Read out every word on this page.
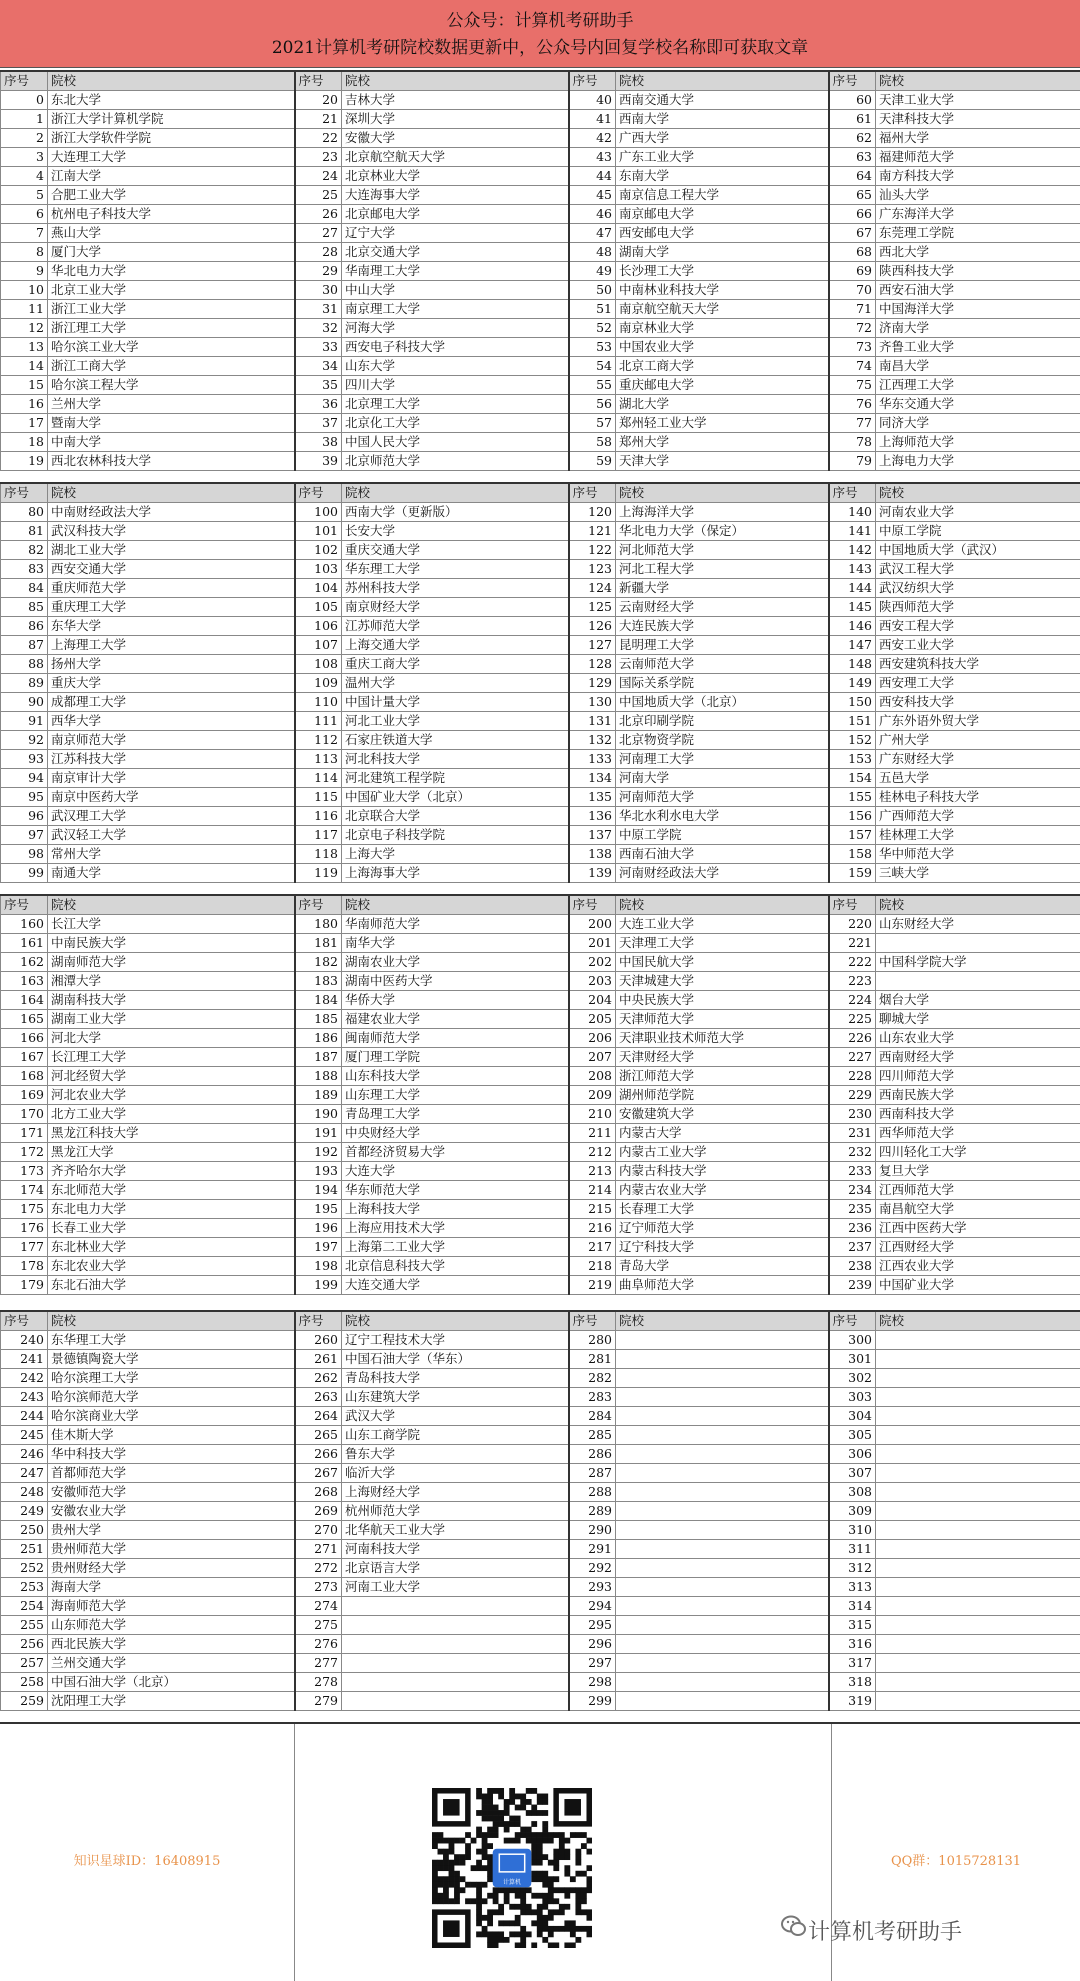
公众号：计算机考研助手
2021计算机考研院校数据更新中，公众号内回复学校名称即可获取文章
序号	院校	序号	院校	序号	院校	序号	院校
0	东北大学	20	吉林大学	40	西南交通大学	60	天津工业大学
1	浙江大学计算机学院	21	深圳大学	41	西南大学	61	天津科技大学
2	浙江大学软件学院	22	安徽大学	42	广西大学	62	福州大学
3	大连理工大学	23	北京航空航天大学	43	广东工业大学	63	福建师范大学
4	江南大学	24	北京林业大学	44	东南大学	64	南方科技大学
5	合肥工业大学	25	大连海事大学	45	南京信息工程大学	65	汕头大学
6	杭州电子科技大学	26	北京邮电大学	46	南京邮电大学	66	广东海洋大学
7	燕山大学	27	辽宁大学	47	西安邮电大学	67	东莞理工学院
8	厦门大学	28	北京交通大学	48	湖南大学	68	西北大学
9	华北电力大学	29	华南理工大学	49	长沙理工大学	69	陕西科技大学
10	北京工业大学	30	中山大学	50	中南林业科技大学	70	西安石油大学
11	浙江工业大学	31	南京理工大学	51	南京航空航天大学	71	中国海洋大学
12	浙江理工大学	32	河海大学	52	南京林业大学	72	济南大学
13	哈尔滨工业大学	33	西安电子科技大学	53	中国农业大学	73	齐鲁工业大学
14	浙江工商大学	34	山东大学	54	北京工商大学	74	南昌大学
15	哈尔滨工程大学	35	四川大学	55	重庆邮电大学	75	江西理工大学
16	兰州大学	36	北京理工大学	56	湖北大学	76	华东交通大学
17	暨南大学	37	北京化工大学	57	郑州轻工业大学	77	同济大学
18	中南大学	38	中国人民大学	58	郑州大学	78	上海师范大学
19	西北农林科技大学	39	北京师范大学	59	天津大学	79	上海电力大学
序号	院校	序号	院校	序号	院校	序号	院校
80	中南财经政法大学	100	西南大学（更新版）	120	上海海洋大学	140	河南农业大学
81	武汉科技大学	101	长安大学	121	华北电力大学（保定）	141	中原工学院
82	湖北工业大学	102	重庆交通大学	122	河北师范大学	142	中国地质大学（武汉）
83	西安交通大学	103	华东理工大学	123	河北工程大学	143	武汉工程大学
84	重庆师范大学	104	苏州科技大学	124	新疆大学	144	武汉纺织大学
85	重庆理工大学	105	南京财经大学	125	云南财经大学	145	陕西师范大学
86	东华大学	106	江苏师范大学	126	大连民族大学	146	西安工程大学
87	上海理工大学	107	上海交通大学	127	昆明理工大学	147	西安工业大学
88	扬州大学	108	重庆工商大学	128	云南师范大学	148	西安建筑科技大学
89	重庆大学	109	温州大学	129	国际关系学院	149	西安理工大学
90	成都理工大学	110	中国计量大学	130	中国地质大学（北京）	150	西安科技大学
91	西华大学	111	河北工业大学	131	北京印刷学院	151	广东外语外贸大学
92	南京师范大学	112	石家庄铁道大学	132	北京物资学院	152	广州大学
93	江苏科技大学	113	河北科技大学	133	河南理工大学	153	广东财经大学
94	南京审计大学	114	河北建筑工程学院	134	河南大学	154	五邑大学
95	南京中医药大学	115	中国矿业大学（北京）	135	河南师范大学	155	桂林电子科技大学
96	武汉理工大学	116	北京联合大学	136	华北水利水电大学	156	广西师范大学
97	武汉轻工大学	117	北京电子科技学院	137	中原工学院	157	桂林理工大学
98	常州大学	118	上海大学	138	西南石油大学	158	华中师范大学
99	南通大学	119	上海海事大学	139	河南财经政法大学	159	三峡大学
序号	院校	序号	院校	序号	院校	序号	院校
160	长江大学	180	华南师范大学	200	大连工业大学	220	山东财经大学
161	中南民族大学	181	南华大学	201	天津理工大学	221	
162	湖南师范大学	182	湖南农业大学	202	中国民航大学	222	中国科学院大学
163	湘潭大学	183	湖南中医药大学	203	天津城建大学	223	
164	湖南科技大学	184	华侨大学	204	中央民族大学	224	烟台大学
165	湖南工业大学	185	福建农业大学	205	天津师范大学	225	聊城大学
166	河北大学	186	闽南师范大学	206	天津职业技术师范大学	226	山东农业大学
167	长江理工大学	187	厦门理工学院	207	天津财经大学	227	西南财经大学
168	河北经贸大学	188	山东科技大学	208	浙江师范大学	228	四川师范大学
169	河北农业大学	189	山东理工大学	209	湖州师范学院	229	西南民族大学
170	北方工业大学	190	青岛理工大学	210	安徽建筑大学	230	西南科技大学
171	黑龙江科技大学	191	中央财经大学	211	内蒙古大学	231	西华师范大学
172	黑龙江大学	192	首都经济贸易大学	212	内蒙古工业大学	232	四川轻化工大学
173	齐齐哈尔大学	193	大连大学	213	内蒙古科技大学	233	复旦大学
174	东北师范大学	194	华东师范大学	214	内蒙古农业大学	234	江西师范大学
175	东北电力大学	195	上海科技大学	215	长春理工大学	235	南昌航空大学
176	长春工业大学	196	上海应用技术大学	216	辽宁师范大学	236	江西中医药大学
177	东北林业大学	197	上海第二工业大学	217	辽宁科技大学	237	江西财经大学
178	东北农业大学	198	北京信息科技大学	218	青岛大学	238	江西农业大学
179	东北石油大学	199	大连交通大学	219	曲阜师范大学	239	中国矿业大学
序号	院校	序号	院校	序号	院校	序号	院校
240	东华理工大学	260	辽宁工程技术大学	280		300	
241	景德镇陶瓷大学	261	中国石油大学（华东）	281		301	
242	哈尔滨理工大学	262	青岛科技大学	282		302	
243	哈尔滨师范大学	263	山东建筑大学	283		303	
244	哈尔滨商业大学	264	武汉大学	284		304	
245	佳木斯大学	265	山东工商学院	285		305	
246	华中科技大学	266	鲁东大学	286		306	
247	首都师范大学	267	临沂大学	287		307	
248	安徽师范大学	268	上海财经大学	288		308	
249	安徽农业大学	269	杭州师范大学	289		309	
250	贵州大学	270	北华航天工业大学	290		310	
251	贵州师范大学	271	河南科技大学	291		311	
252	贵州财经大学	272	北京语言大学	292		312	
253	海南大学	273	河南工业大学	293		313	
254	海南师范大学	274		294		314	
255	山东师范大学	275		295		315	
256	西北民族大学	276		296		316	
257	兰州交通大学	277		297		317	
258	中国石油大学（北京）	278		298		318	
259	沈阳理工大学	279		299		319	
知识星球ID：16408915	QQ群：1015728131
计算机
计算机考研助手
